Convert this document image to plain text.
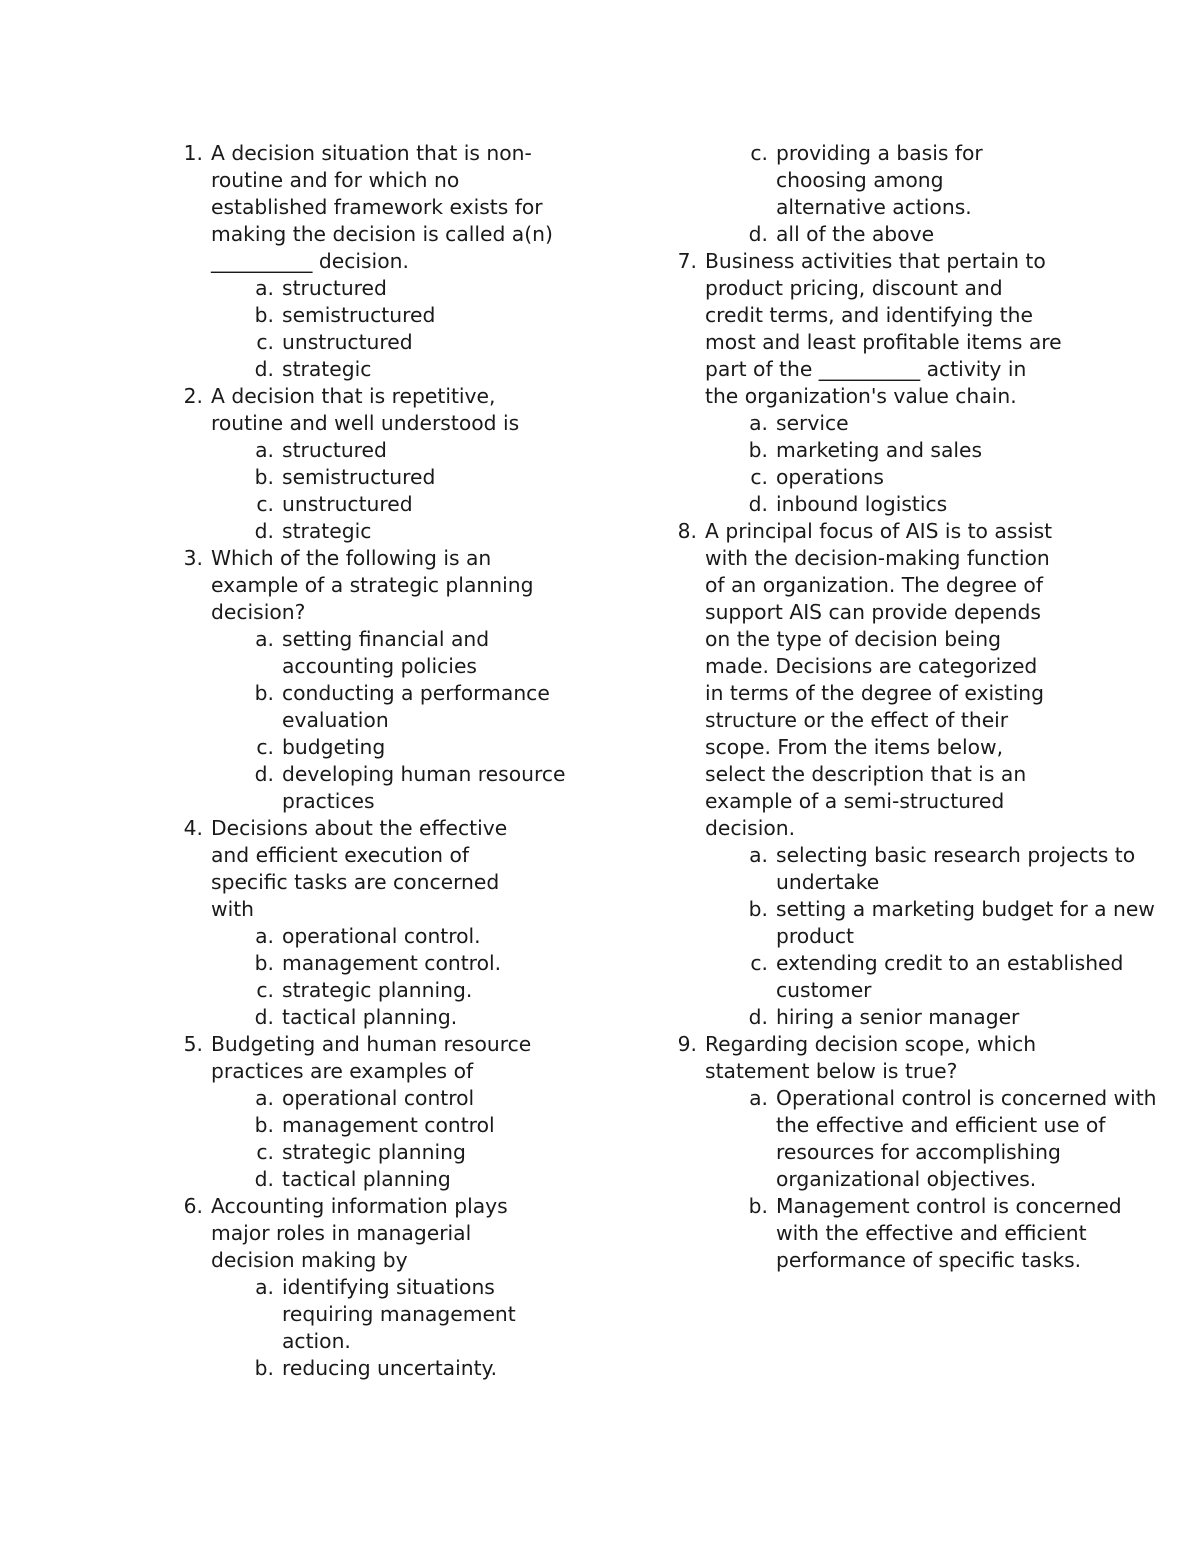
1. A decision situation that is non-routine and for which no established framework exists for making the decision is called a(n) __________ decision.
a. structured
b. semistructured
c. unstructured
d. strategic
2. A decision that is repetitive, routine and well understood is
a. structured
b. semistructured
c. unstructured
d. strategic
3. Which of the following is an example of a strategic planning decision?
a. setting financial and accounting policies
b. conducting a performance evaluation
c. budgeting
d. developing human resource practices
4. Decisions about the effective and efficient execution of specific tasks are concerned with
a. operational control.
b. management control.
c. strategic planning.
d. tactical planning.
5. Budgeting and human resource practices are examples of
a. operational control
b. management control
c. strategic planning
d. tactical planning
6. Accounting information plays major roles in managerial decision making by
a. identifying situations requiring management action.
b. reducing uncertainty.
c. providing a basis for choosing among alternative actions.
d. all of the above
7. Business activities that pertain to product pricing, discount and credit terms, and identifying the most and least profitable items are part of the __________ activity in the organization's value chain.
a. service
b. marketing and sales
c. operations
d. inbound logistics
8. A principal focus of AIS is to assist with the decision-making function of an organization. The degree of support AIS can provide depends on the type of decision being made. Decisions are categorized in terms of the degree of existing structure or the effect of their scope. From the items below, select the description that is an example of a semi-structured decision.
a. selecting basic research projects to undertake
b. setting a marketing budget for a new product
c. extending credit to an established customer
d. hiring a senior manager
9. Regarding decision scope, which statement below is true?
a. Operational control is concerned with the effective and efficient use of resources for accomplishing organizational objectives.
b. Management control is concerned with the effective and efficient performance of specific tasks.
